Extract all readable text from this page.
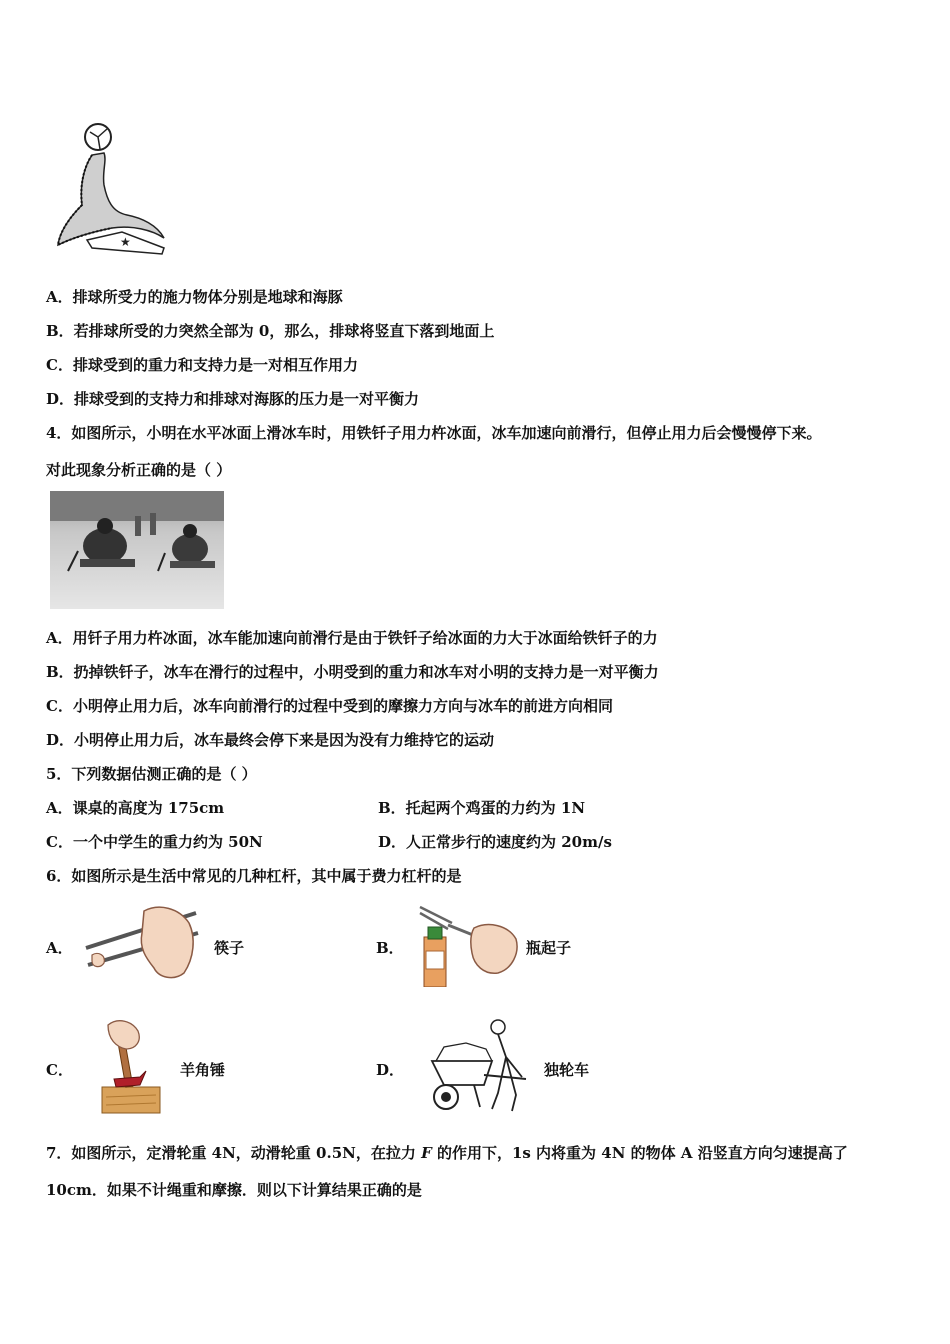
★
A．排球所受力的施力物体分别是地球和海豚
B．若排球所受的力突然全部为 0，那么，排球将竖直下落到地面上
C．排球受到的重力和支持力是一对相互作用力
D．排球受到的支持力和排球对海豚的压力是一对平衡力
4．如图所示，小明在水平冰面上滑冰车时，用铁钎子用力杵冰面，冰车加速向前滑行，但停止用力后会慢慢停下来。
对此现象分析正确的是（ ）
A．用钎子用力杵冰面，冰车能加速向前滑行是由于铁钎子给冰面的力大于冰面给铁钎子的力
B．扔掉铁钎子，冰车在滑行的过程中，小明受到的重力和冰车对小明的支持力是一对平衡力
C．小明停止用力后，冰车向前滑行的过程中受到的摩擦力方向与冰车的前进方向相同
D．小明停止用力后，冰车最终会停下来是因为没有力维持它的运动
5．下列数据估测正确的是（ ）
A．课桌的高度为 175cm	B．托起两个鸡蛋的力约为 1N
C．一个中学生的重力约为 50N	D．人正常步行的速度约为 20m/s
6．如图所示是生活中常见的几种杠杆，其中属于费力杠杆的是
A．	筷子	B．	瓶起子
C．	羊角锤	D．	独轮车
7．如图所示，定滑轮重 4N，动滑轮重 0.5N，在拉力 F 的作用下，1s 内将重为 4N 的物体 A 沿竖直方向匀速提高了
10cm．如果不计绳重和摩擦．则以下计算结果正确的是
